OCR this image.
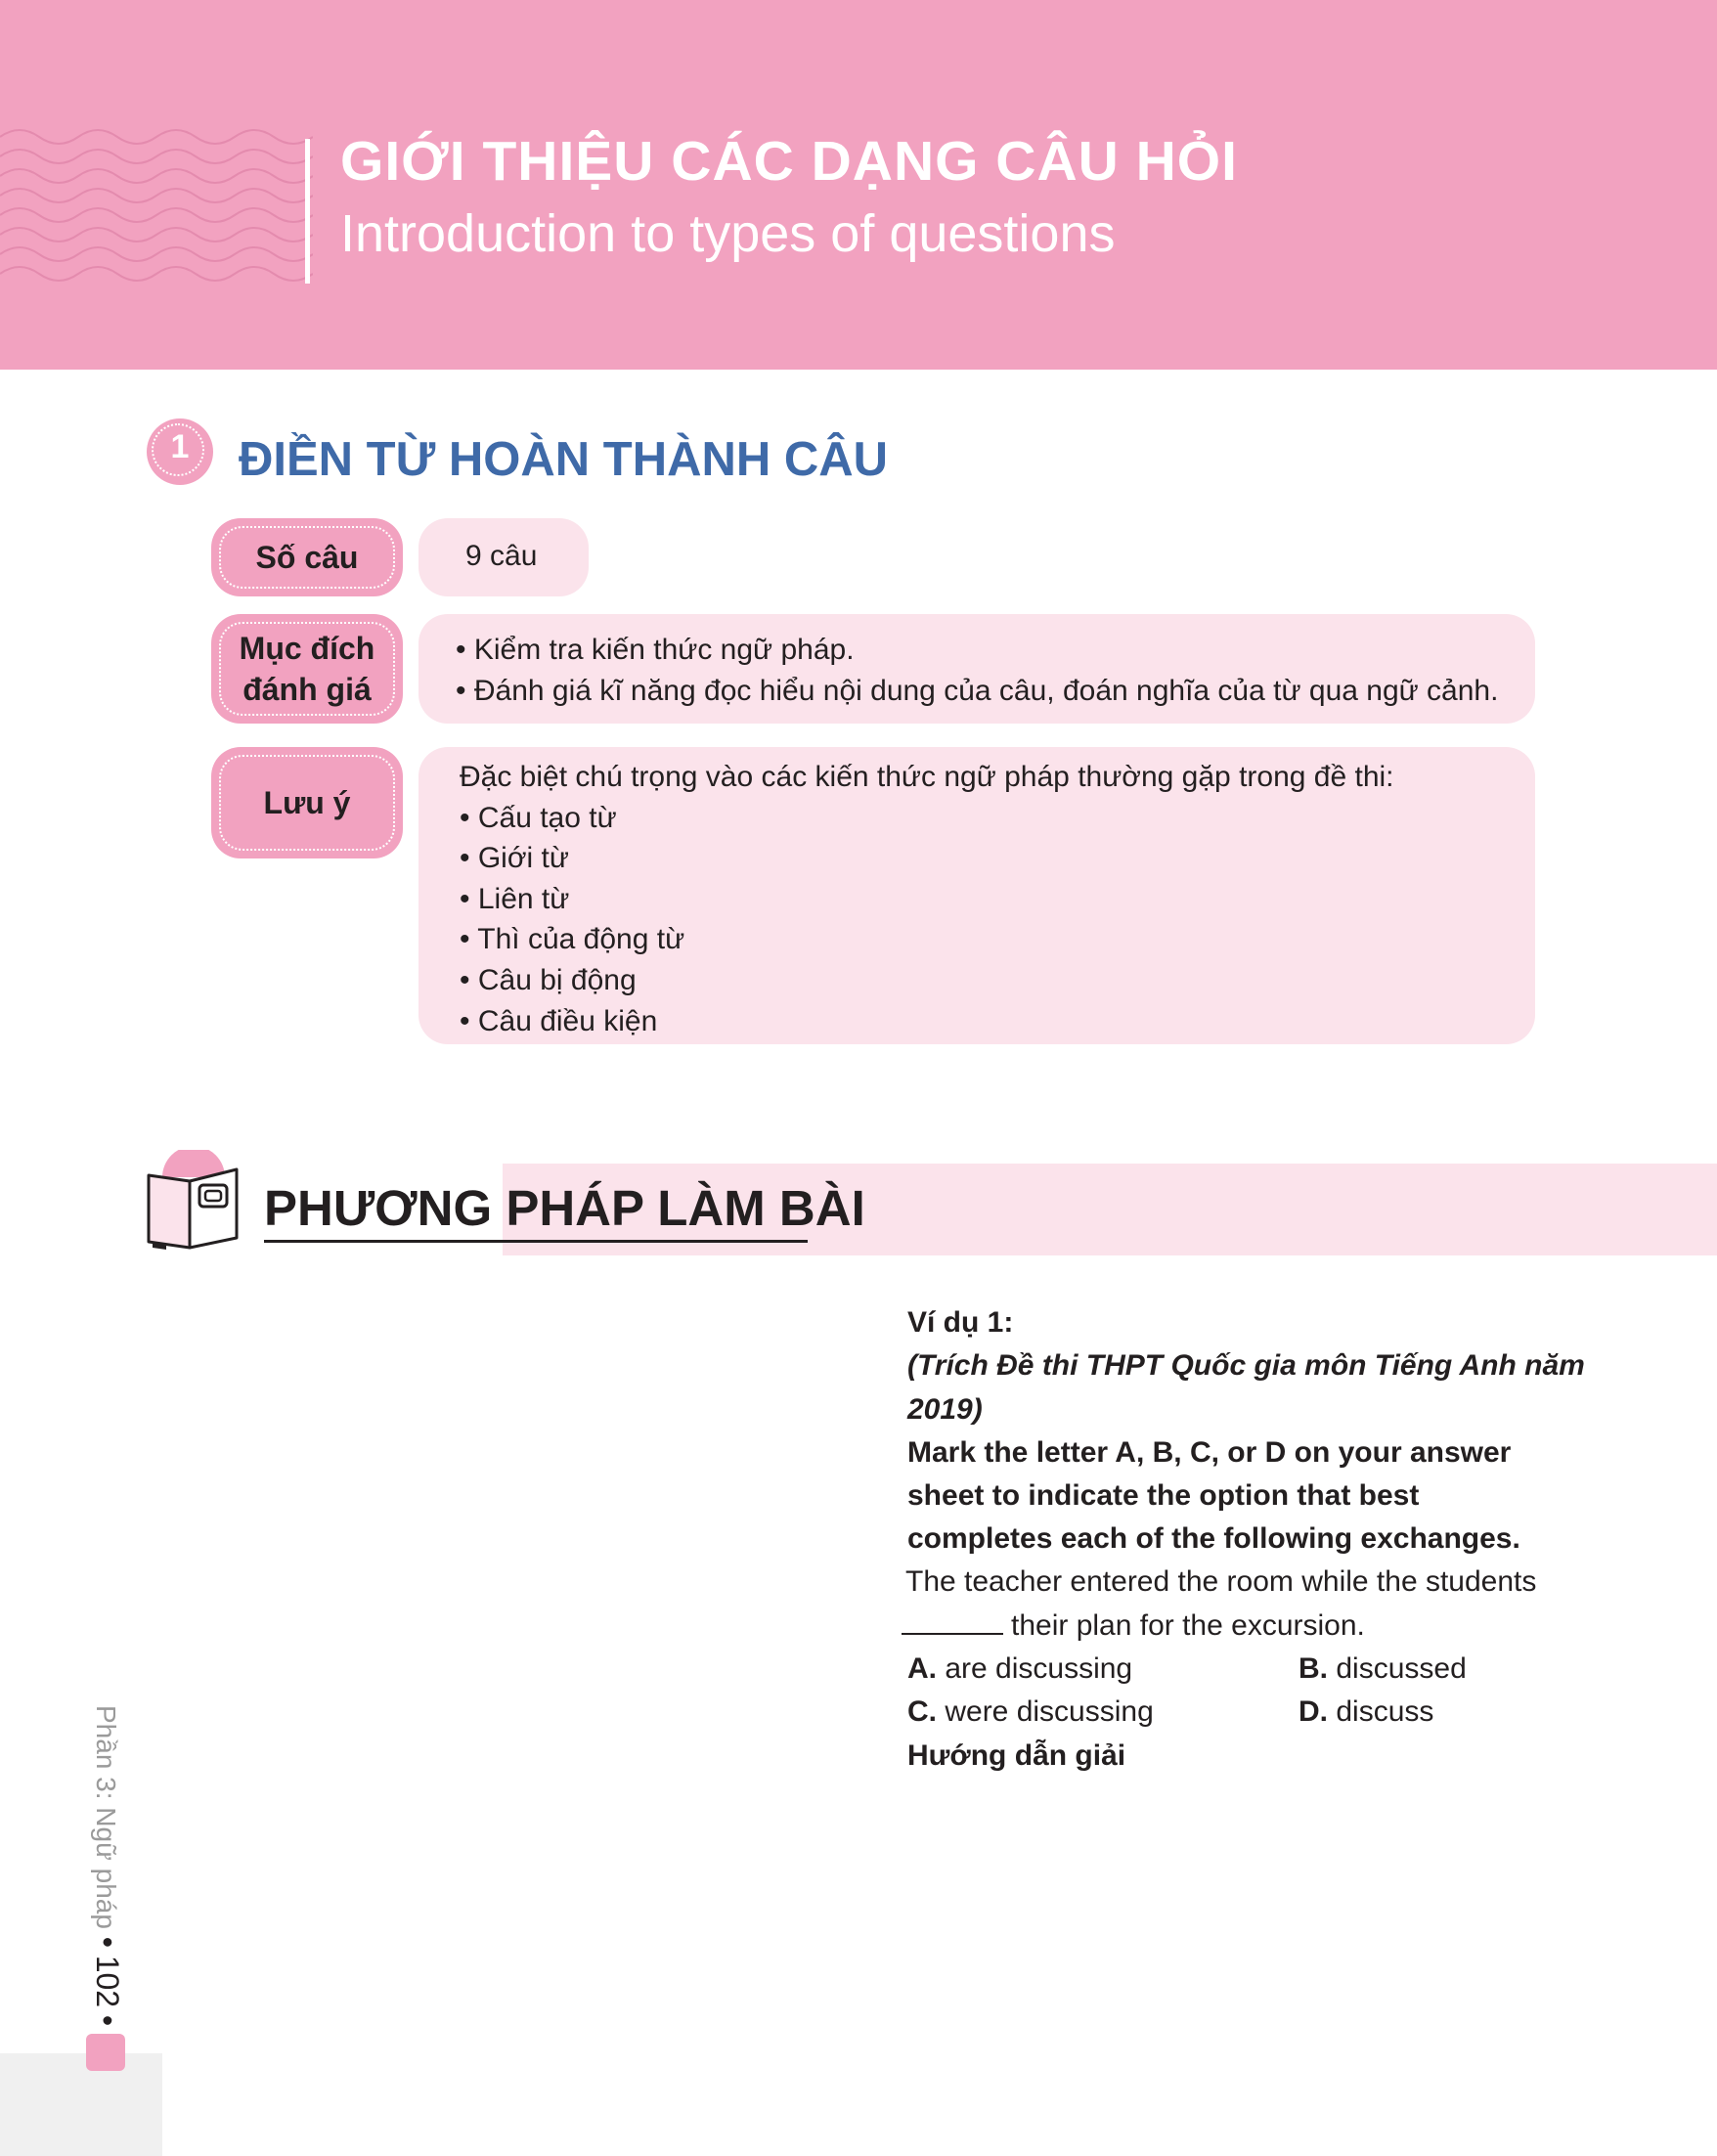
GIỚI THIỆU CÁC DẠNG CÂU HỎI
Introduction to types of questions
1	ĐIỀN TỪ HOÀN THÀNH CÂU
Số câu	9 câu
Mục đích
đánh giá
• Kiểm tra kiến thức ngữ pháp.
• Đánh giá kĩ năng đọc hiểu nội dung của câu, đoán nghĩa của từ qua ngữ cảnh.
Lưu ý
Đặc biệt chú trọng vào các kiến thức ngữ pháp thường gặp trong đề thi:
• Cấu tạo từ
• Giới từ
• Liên từ
• Thì của động từ
• Câu bị động
• Câu điều kiện
PHƯƠNG PHÁP LÀM BÀI
Ví dụ 1:
(Trích Đề thi THPT Quốc gia môn Tiếng Anh năm
2019)
Mark the letter A, B, C, or D on your answer
sheet to indicate the option that best
completes each of the following exchanges.
The teacher entered the room while the students
their plan for the excursion.
A. are discussing	B. discussed
C. were discussing	D. discuss
Hướng dẫn giải
Phần 3: Ngữ pháp • 102 •
